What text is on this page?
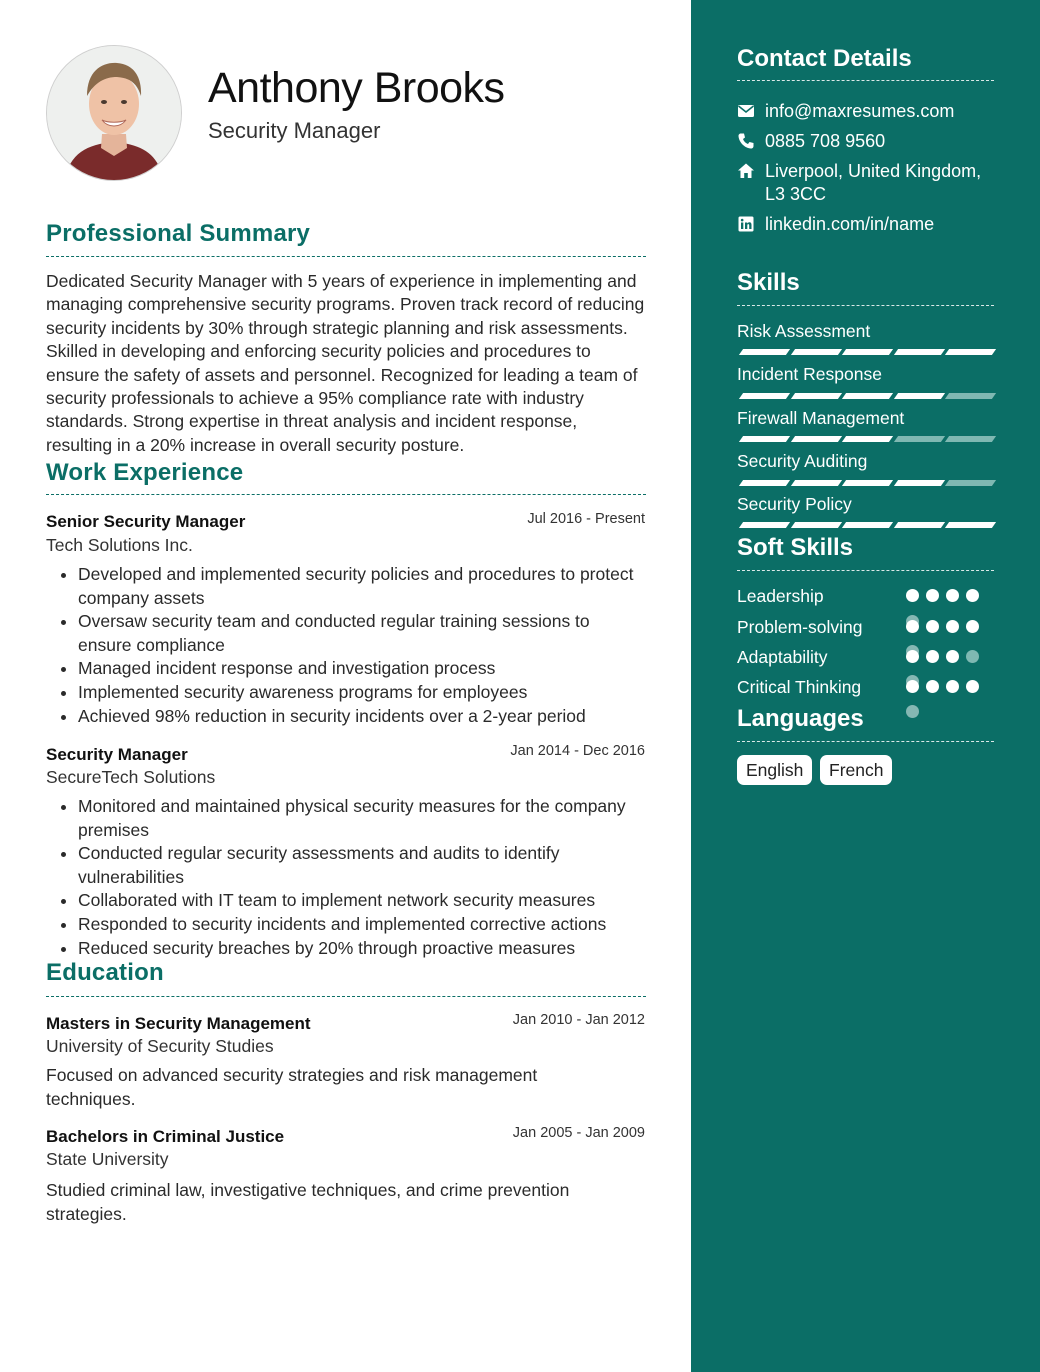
Anthony Brooks
Security Manager
Professional Summary
Dedicated Security Manager with 5 years of experience in implementing and managing comprehensive security programs. Proven track record of reducing security incidents by 30% through strategic planning and risk assessments. Skilled in developing and enforcing security policies and procedures to ensure the safety of assets and personnel. Recognized for leading a team of security professionals to achieve a 95% compliance rate with industry standards. Strong expertise in threat analysis and incident response, resulting in a 20% increase in overall security posture.
Work Experience
Senior Security Manager	Jul 2016 - Present
Tech Solutions Inc.
• Developed and implemented security policies and procedures to protect company assets
• Oversaw security team and conducted regular training sessions to ensure compliance
• Managed incident response and investigation process
• Implemented security awareness programs for employees
• Achieved 98% reduction in security incidents over a 2-year period
Security Manager	Jan 2014 - Dec 2016
SecureTech Solutions
• Monitored and maintained physical security measures for the company premises
• Conducted regular security assessments and audits to identify vulnerabilities
• Collaborated with IT team to implement network security measures
• Responded to security incidents and implemented corrective actions
• Reduced security breaches by 20% through proactive measures
Education
Masters in Security Management	Jan 2010 - Jan 2012
University of Security Studies
Focused on advanced security strategies and risk management techniques.
Bachelors in Criminal Justice	Jan 2005 - Jan 2009
State University
Studied criminal law, investigative techniques, and crime prevention strategies.
Contact Details
info@maxresumes.com
0885 708 9560
Liverpool, United Kingdom, L3 3CC
linkedin.com/in/name
Skills
Risk Assessment
Incident Response
Firewall Management
Security Auditing
Security Policy
Soft Skills
Leadership
Problem-solving
Adaptability
Critical Thinking
Languages
English	French
